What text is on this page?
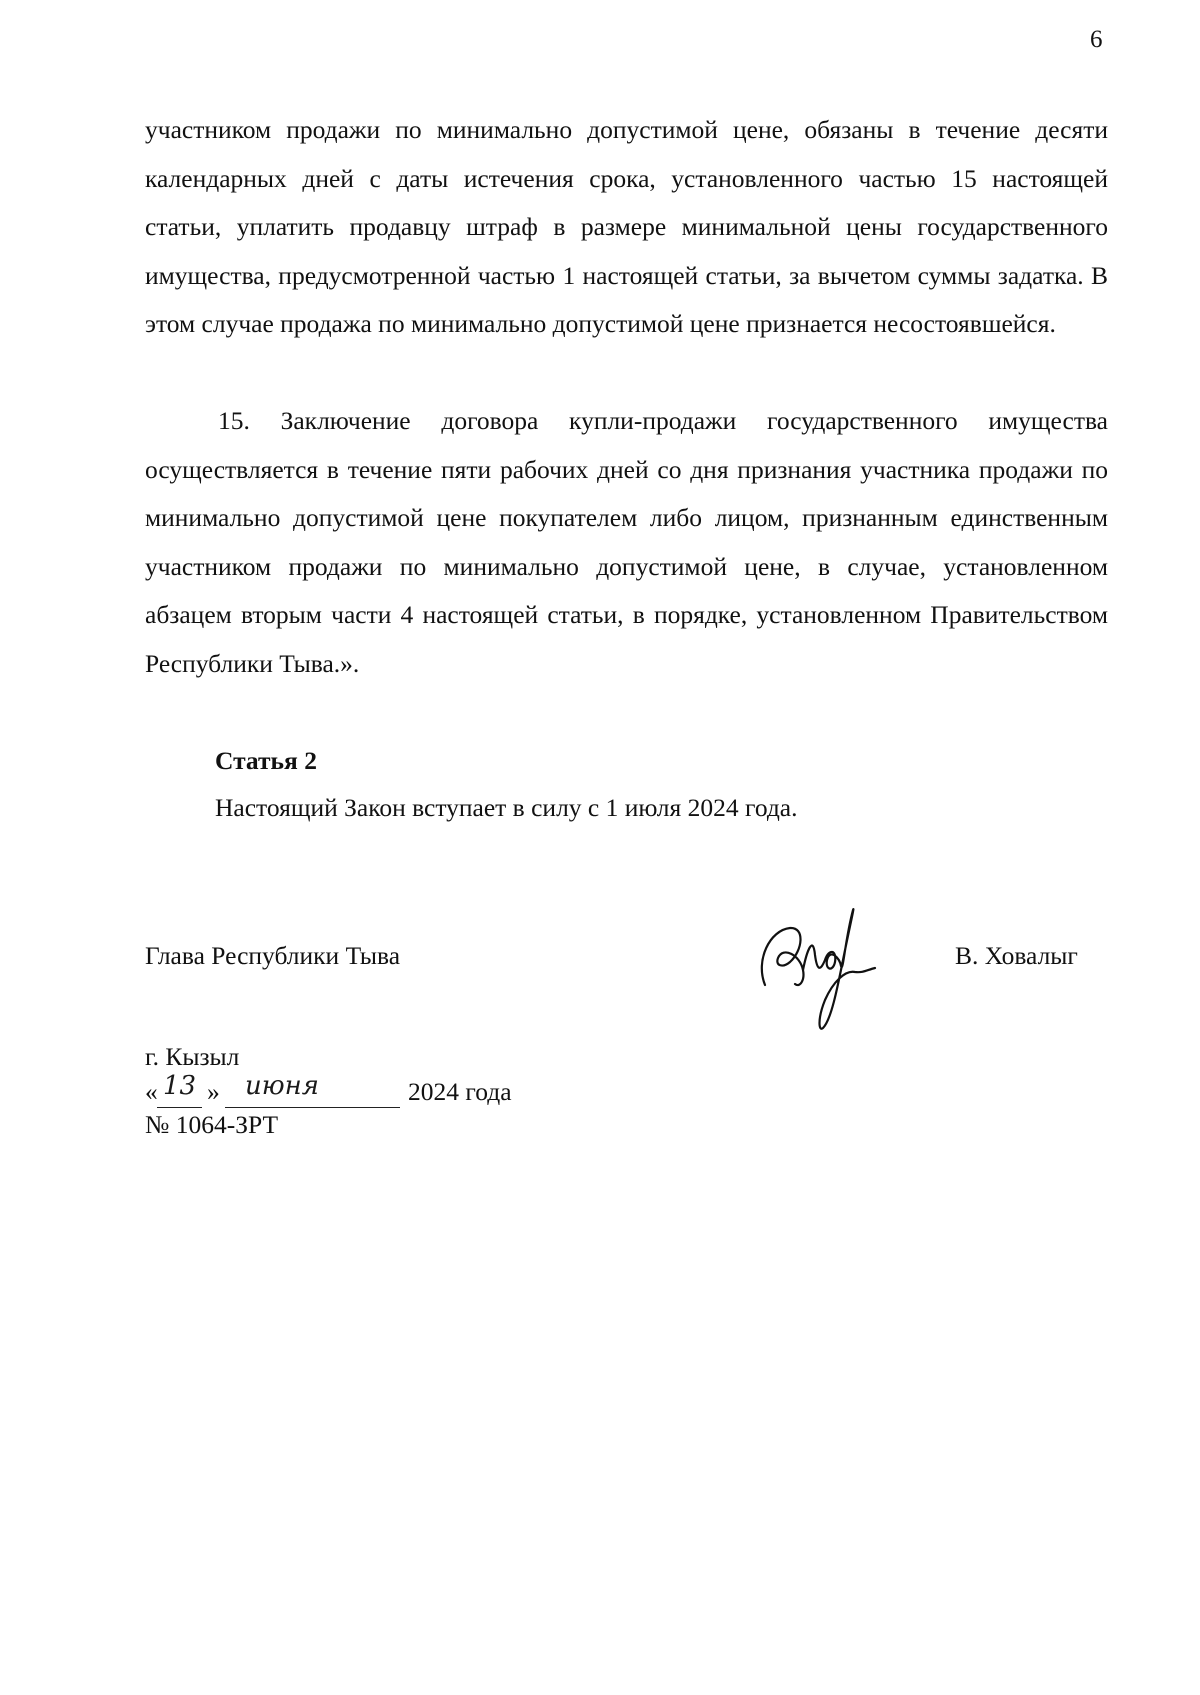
6

участником продажи по минимально допустимой цене, обязаны в течение десяти календарных дней с даты истечения срока, установленного частью 15 настоящей статьи, уплатить продавцу штраф в размере минимальной цены государственного имущества, предусмотренной частью 1 настоящей статьи, за вычетом суммы задатка. В этом случае продажа по минимально допустимой цене признается несостоявшейся.

15. Заключение договора купли-продажи государственного имущества осуществляется в течение пяти рабочих дней со дня признания участника продажи по минимально допустимой цене покупателем либо лицом, признанным единственным участником продажи по минимально допустимой цене, в случае, установленном абзацем вторым части 4 настоящей статьи, в порядке, установленном Правительством Республики Тыва.».

Статья 2
Настоящий Закон вступает в силу с 1 июля 2024 года.
Глава Республики Тыва	В. Ховалыг
г. Кызыл
« 13 » июня	2024 года
№ 1064-ЗРТ
